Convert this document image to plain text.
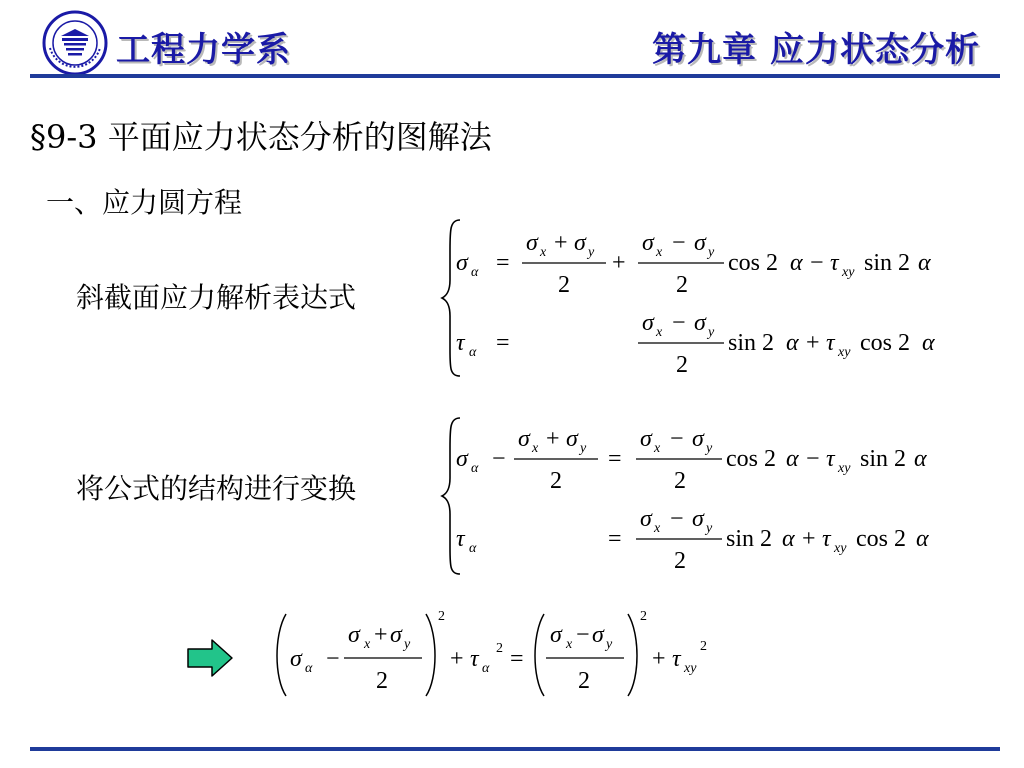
工程力学系	第九章 应力状态分析
§9-3 平面应力状态分析的图解法
一、应力圆方程
斜截面应力解析表达式
将公式的结构进行变换
σ α =
σ x + σ y
2
+
σ x − σ y
2
cos 2 α − τ xy sin 2 α
τ α =
σ x − σ y
2
sin 2 α + τ xy cos 2 α
σ α −
σ x + σ y
2
=
σ x − σ y
2
cos 2 α − τ xy sin 2 α
τ α	=
σ x − σ y
2
sin 2 α + τ xy cos 2 α
σ α −
σ x + σ y
2
2
+ τ α
2 =
σ x − σ y
2
2
+ τ xy
2
